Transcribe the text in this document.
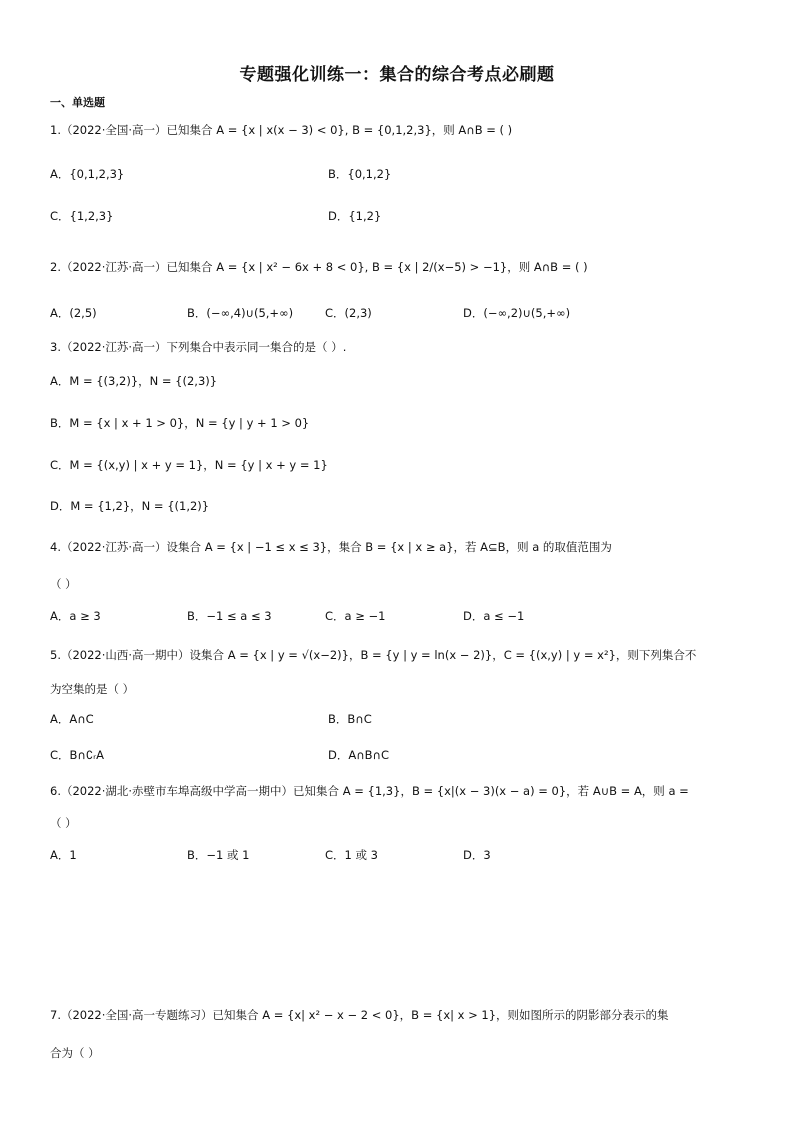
专题强化训练一：集合的综合考点必刷题
一、单选题
1.（2022·全国·高一）已知集合 A = {x | x(x − 3) < 0}, B = {0,1,2,3}，则 A∩B = ( )
A．{0,1,2,3}	B．{0,1,2}
C．{1,2,3}	D．{1,2}
2.（2022·江苏·高一）已知集合 A = {x | x² − 6x + 8 < 0}, B = {x | 2/(x−5) > −1}，则 A∩B = ( )
A．(2,5)	B．(−∞,4)∪(5,+∞)	C．(2,3)	D．(−∞,2)∪(5,+∞)
3.（2022·江苏·高一）下列集合中表示同一集合的是（ ）.
A．M = {(3,2)}，N = {(2,3)}
B．M = {x | x + 1 > 0}，N = {y | y + 1 > 0}
C．M = {(x,y) | x + y = 1}，N = {y | x + y = 1}
D．M = {1,2}，N = {(1,2)}
4.（2022·江苏·高一）设集合 A = {x | −1 ≤ x ≤ 3}，集合 B = {x | x ≥ a}，若 A⊆B，则 a 的取值范围为
（ ）
A．a ≥ 3	B．−1 ≤ a ≤ 3	C．a ≥ −1	D．a ≤ −1
5.（2022·山西·高一期中）设集合 A = {x | y = √(x−2)}，B = {y | y = ln(x − 2)}，C = {(x,y) | y = x²}，则下列集合不
为空集的是（ ）
A．A∩C	B．B∩C
C．B∩∁ᵣA	D．A∩B∩C
6.（2022·湖北·赤壁市车埠高级中学高一期中）已知集合 A = {1,3}，B = {x|(x − 3)(x − a) = 0}，若 A∪B = A，则 a =
（ ）
A．1	B．−1 或 1	C．1 或 3	D．3
7.（2022·全国·高一专题练习）已知集合 A = {x| x² − x − 2 < 0}，B = {x| x > 1}，则如图所示的阴影部分表示的集
合为（ ）
